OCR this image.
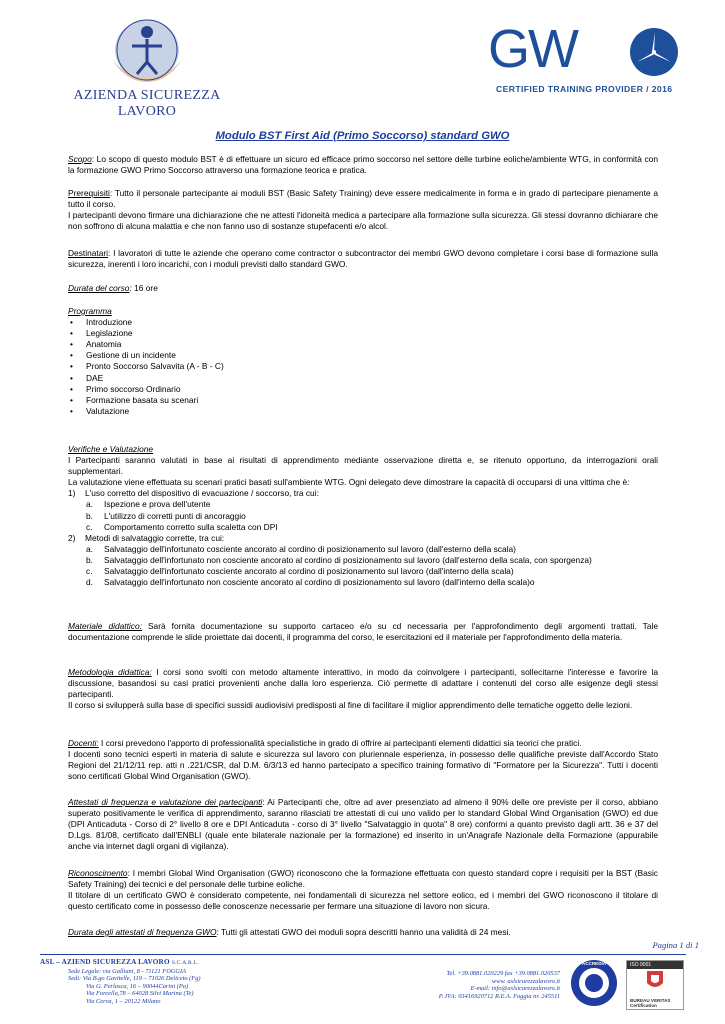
AZIENDA SICUREZZA LAVORO
GW
CERTIFIED TRAINING PROVIDER / 2016
Modulo BST First Aid (Primo Soccorso) standard GWO
Scopo: Lo scopo di questo modulo BST è di effettuare un sicuro ed efficace primo soccorso nel settore delle turbine eoliche/ambiente WTG, in conformità con la formazione GWO Primo Soccorso attraverso una formazione teorica e pratica.
Prerequisiti: Tutto il personale partecipante ai moduli BST (Basic Safety Training) deve essere medicalmente in forma e in grado di partecipare pienamente a tutto il corso.
I partecipanti devono firmare una dichiarazione che ne attesti l'idoneità medica a partecipare alla formazione sulla sicurezza. Gli stessi dovranno dichiarare che non soffrono di alcuna malattia e che non fanno uso di sostanze stupefacenti e/o alcol.
Destinatari: I lavoratori di tutte le aziende che operano come contractor o subcontractor dei membri GWO devono completare i corsi base di formazione sulla sicurezza, inerenti i loro incarichi, con i moduli previsti dallo standard GWO.
Durata del corso: 16 ore
Programma
• Introduzione
• Legislazione
• Anatomia
• Gestione di un incidente
• Pronto Soccorso Salvavita (A - B - C)
• DAE
• Primo soccorso Ordinario
• Formazione basata su scenari
• Valutazione
Verifiche e Valutazione
I Partecipanti saranno valutati in base ai risultati di apprendimento mediante osservazione diretta e, se ritenuto opportuno, da interrogazioni orali supplementari.
La valutazione viene effettuata su scenari pratici basati sull'ambiente WTG. Ogni delegato deve dimostrare la capacità di occuparsi di una vittima che è:
1) L'uso corretto del dispositivo di evacuazione / soccorso, tra cui:
a. Ispezione e prova dell'utente
b. L'utilizzo di corretti punti di ancoraggio
c. Comportamento corretto sulla scaletta con DPI
2) Metodi di salvataggio corrette, tra cui:
a. Salvataggio dell'infortunato cosciente ancorato al cordino di posizionamento sul lavoro (dall'esterno della scala)
b. Salvataggio dell'infortunato non cosciente ancorato al cordino di posizionamento sul lavoro (dall'esterno della scala, con sporgenza)
c. Salvataggio dell'infortunato cosciente ancorato al cordino di posizionamento sul lavoro (dall'interno della scala)
d. Salvataggio dell'infortunato non cosciente ancorato al cordino di posizionamento sul lavoro (dall'interno della scala)o
Materiale didattico: Sarà fornita documentazione su supporto cartaceo e/o su cd necessaria per l'approfondimento degli argomenti trattati. Tale documentazione comprende le slide proiettate dai docenti, il programma del corso, le esercitazioni ed il materiale per l'approfondimento della materia.
Metodologia didattica: I corsi sono svolti con metodo altamente interattivo, in modo da coinvolgere i partecipanti, sollecitarne l'interesse e favorire la discussione, basandosi su casi pratici provenienti anche dalla loro esperienza. Ciò permette di adattare i contenuti del corso alle esigenze degli stessi partecipanti.
Il corso si svilupperà sulla base di specifici sussidi audiovisivi predisposti al fine di facilitare il miglior apprendimento delle tematiche oggetto delle lezioni.
Docenti: I corsi prevedono l'apporto di professionalità specialistiche in grado di offrire ai partecipanti elementi didattici sia teorici che pratici.
I docenti sono tecnici esperti in materia di salute e sicurezza sul lavoro con pluriennale esperienza, in possesso delle qualifiche previste dall'Accordo Stato Regioni del 21/12/11 rep. atti n .221/CSR, dal D.M. 6/3/13 ed hanno partecipato a specifico training formativo di "Formatore per la Sicurezza". Tutti i docenti sono certificati Global Wind Organisation (GWO).
Attestati di frequenza e valutazione dei partecipanti: Ai Partecipanti che, oltre ad aver presenziato ad almeno il 90% delle ore previste per il corso, abbiano superato positivamente le verifica di apprendimento, saranno rilasciati tre attestati di cui uno valido per lo standard Global Wind Organisation (GWO) ed due (DPI Anticaduta - Corso di 2° livello 8 ore e DPI Anticaduta - corso di 3° livello "Salvataggio in quota" 8 ore) conformi a quanto previsto dagli artt. 36 e 37 del D.Lgs. 81/08, certificato dall'ENBLI (quale ente bilaterale nazionale per la formazione) ed inserito in un'Anagrafe Nazionale della Formazione (appurabile anche via internet dagli organi di vigilanza).
Riconoscimento: I membri Global Wind Organisation (GWO) riconoscono che la formazione effettuata con questo standard copre i requisiti per la BST (Basic Safety Training) dei tecnici e del personale delle turbine eoliche.
Il titolare di un certificato GWO è considerato competente, nei fondamentali di sicurezza nel settore eolico, ed i membri del GWO riconoscono il titolare di questo certificato come in possesso delle conoscenze necessarie per fermare una situazione di lavoro non sicura.
Durata degli attestati di frequenza GWO: Tutti gli attestati GWO dei moduli sopra descritti hanno una validità di 24 mesi.
Pagina 1 di 1
ASL – AZIEND SICUREZZA LAVORO S.C.A.R.L.
Sede Legale: via Galliani, 8 - 71121 FOGGIA
Sedi: Via B.go Gavitelle, 119 – 71026 Deliceto (Fg)
Via G. Perlasca, 16 – 90044Carini (Pa)
Via Forcella,78 – 64028 Silvi Marina (Te)
Via Cerva, 1 – 20122 Milano
Tel. +39.0881.020229 fax +39.0881.020537
www. aslsicurezzalavoro.it
E-mail: info@aslsicurezzalavoro.it
P. IVA: 03416920712 R.E.A. Foggia nr. 245511
ACCREDIA	ISO 9001
BUREAU VERITAS Certification
